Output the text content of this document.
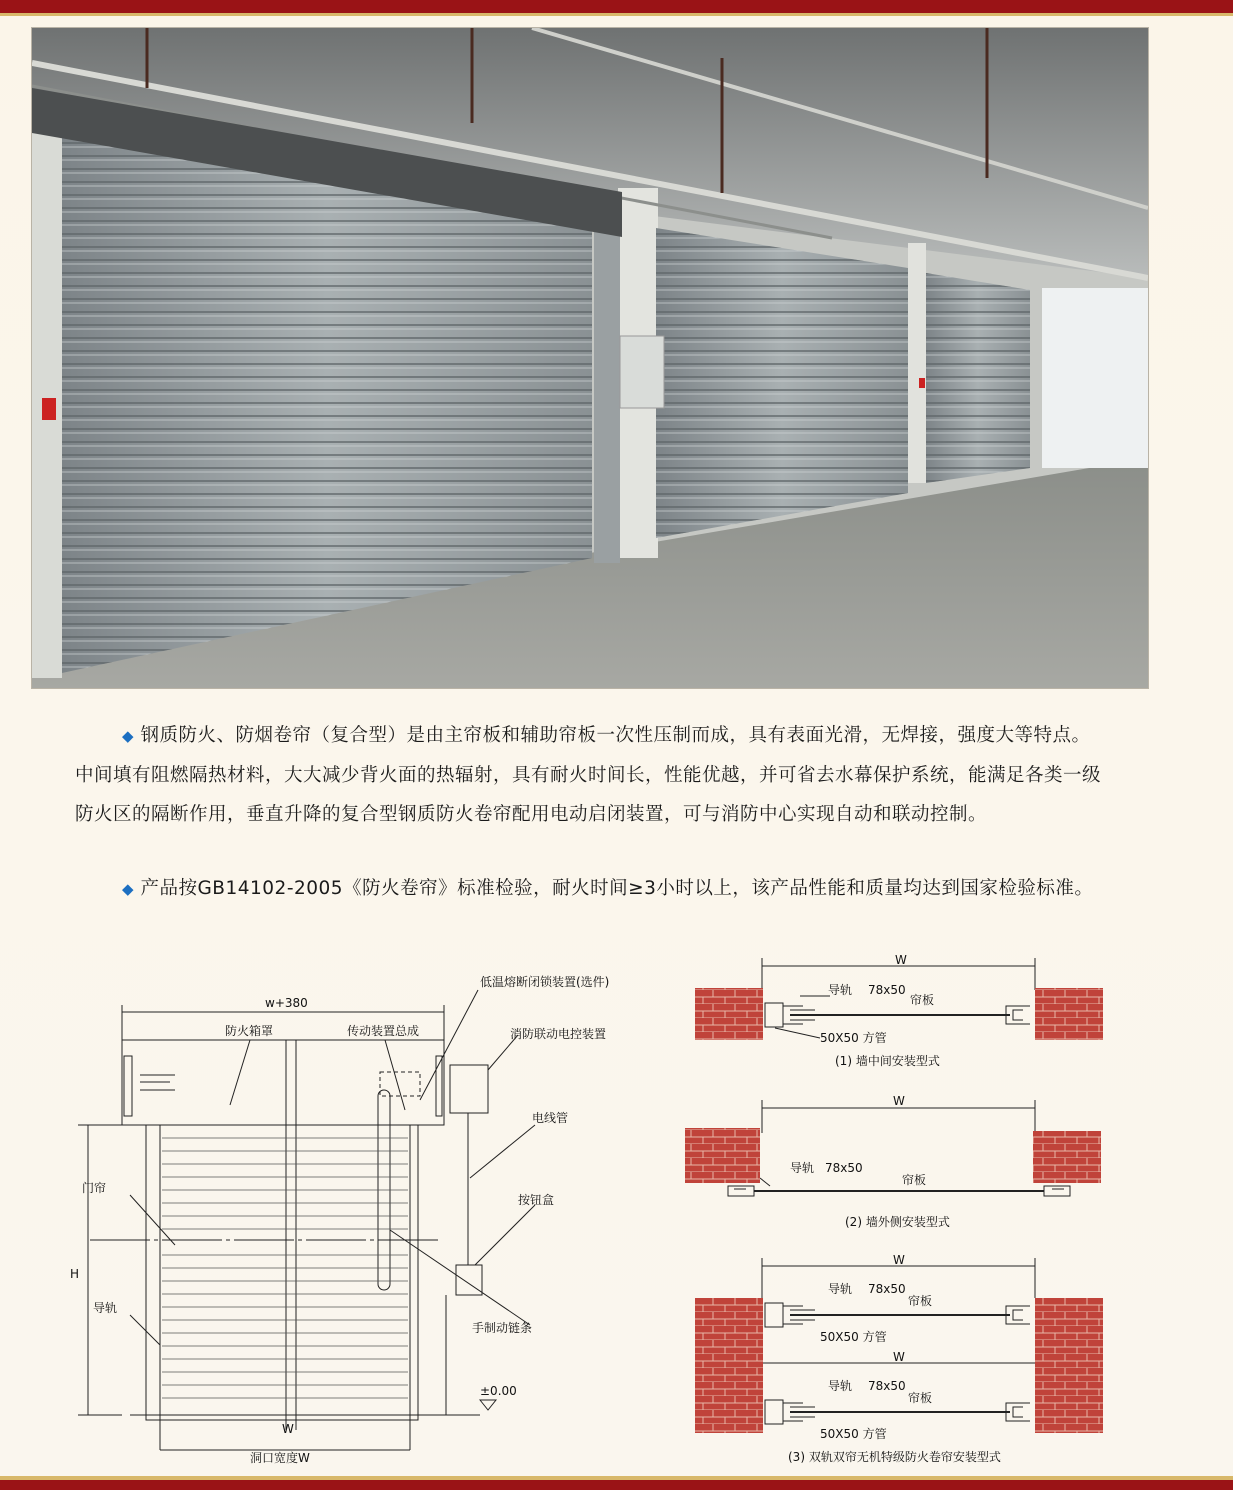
◆ 钢质防火、防烟卷帘（复合型）是由主帘板和辅助帘板一次性压制而成，具有表面光滑，无焊接，强度大等特点。中间填有阻燃隔热材料，大大减少背火面的热辐射，具有耐火时间长，性能优越，并可省去水幕保护系统，能满足各类一级防火区的隔断作用，垂直升降的复合型钢质防火卷帘配用电动启闭装置，可与消防中心实现自动和联动控制。
◆ 产品按GB14102-2005《防火卷帘》标准检验，耐火时间≥3小时以上，该产品性能和质量均达到国家检验标准。
w+380
防火箱罩	传动装置总成
低温熔断闭锁装置(选件)
消防联动电控装置
电线管
按钮盒
门帘
导轨
H
手制动链条
±0.00
W
洞口宽度W
W
导轨 78x50
帘板
50X50 方管
(1) 墙中间安装型式
W
导轨 78x50
帘板
(2) 墙外侧安装型式
W
导轨 78x50
帘板
50X50 方管
W
导轨 78x50
帘板
50X50 方管
(3) 双轨双帘无机特级防火卷帘安装型式
